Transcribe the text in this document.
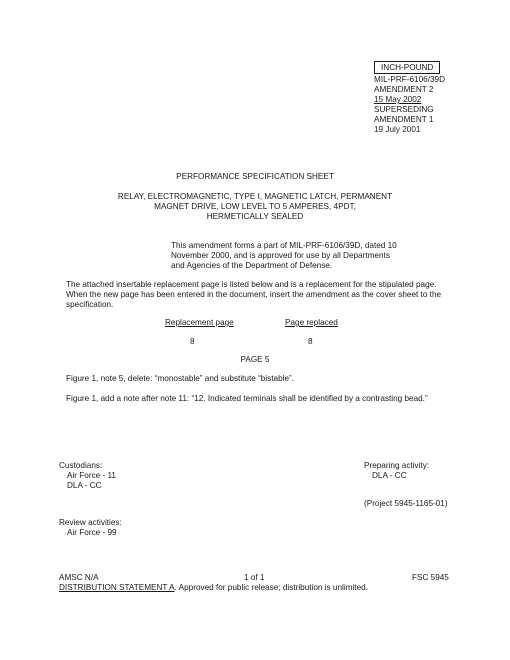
INCH-POUND
MIL-PRF-6106/39D
AMENDMENT 2
15 May 2002
SUPERSEDING
AMENDMENT 1
19 July 2001
PERFORMANCE SPECIFICATION SHEET
RELAY, ELECTROMAGNETIC, TYPE I, MAGNETIC LATCH, PERMANENT
MAGNET DRIVE, LOW LEVEL TO 5 AMPERES, 4PDT,
HERMETICALLY SEALED
This amendment forms a part of MIL-PRF-6106/39D, dated 10
November 2000, and is approved for use by all Departments
and Agencies of the Department of Defense.
The attached insertable replacement page is listed below and is a replacement for the stipulated page.
When the new page has been entered in the document, insert the amendment as the cover sheet to the
specification.
Replacement page	Page replaced
8	8
PAGE 5
Figure 1, note 5, delete: “monostable” and substitute “bistable”.
Figure 1, add a note after note 11: “12. Indicated terminals shall be identified by a contrasting bead.”
Custodians:
Air Force - 11
DLA - CC
Preparing activity:
DLA - CC
(Project 5945-1165-01)
Review activities:
Air Force - 99
AMSC N/A	1 of 1	FSC 5945
DISTRIBUTION STATEMENT A. Approved for public release; distribution is unlimited.
